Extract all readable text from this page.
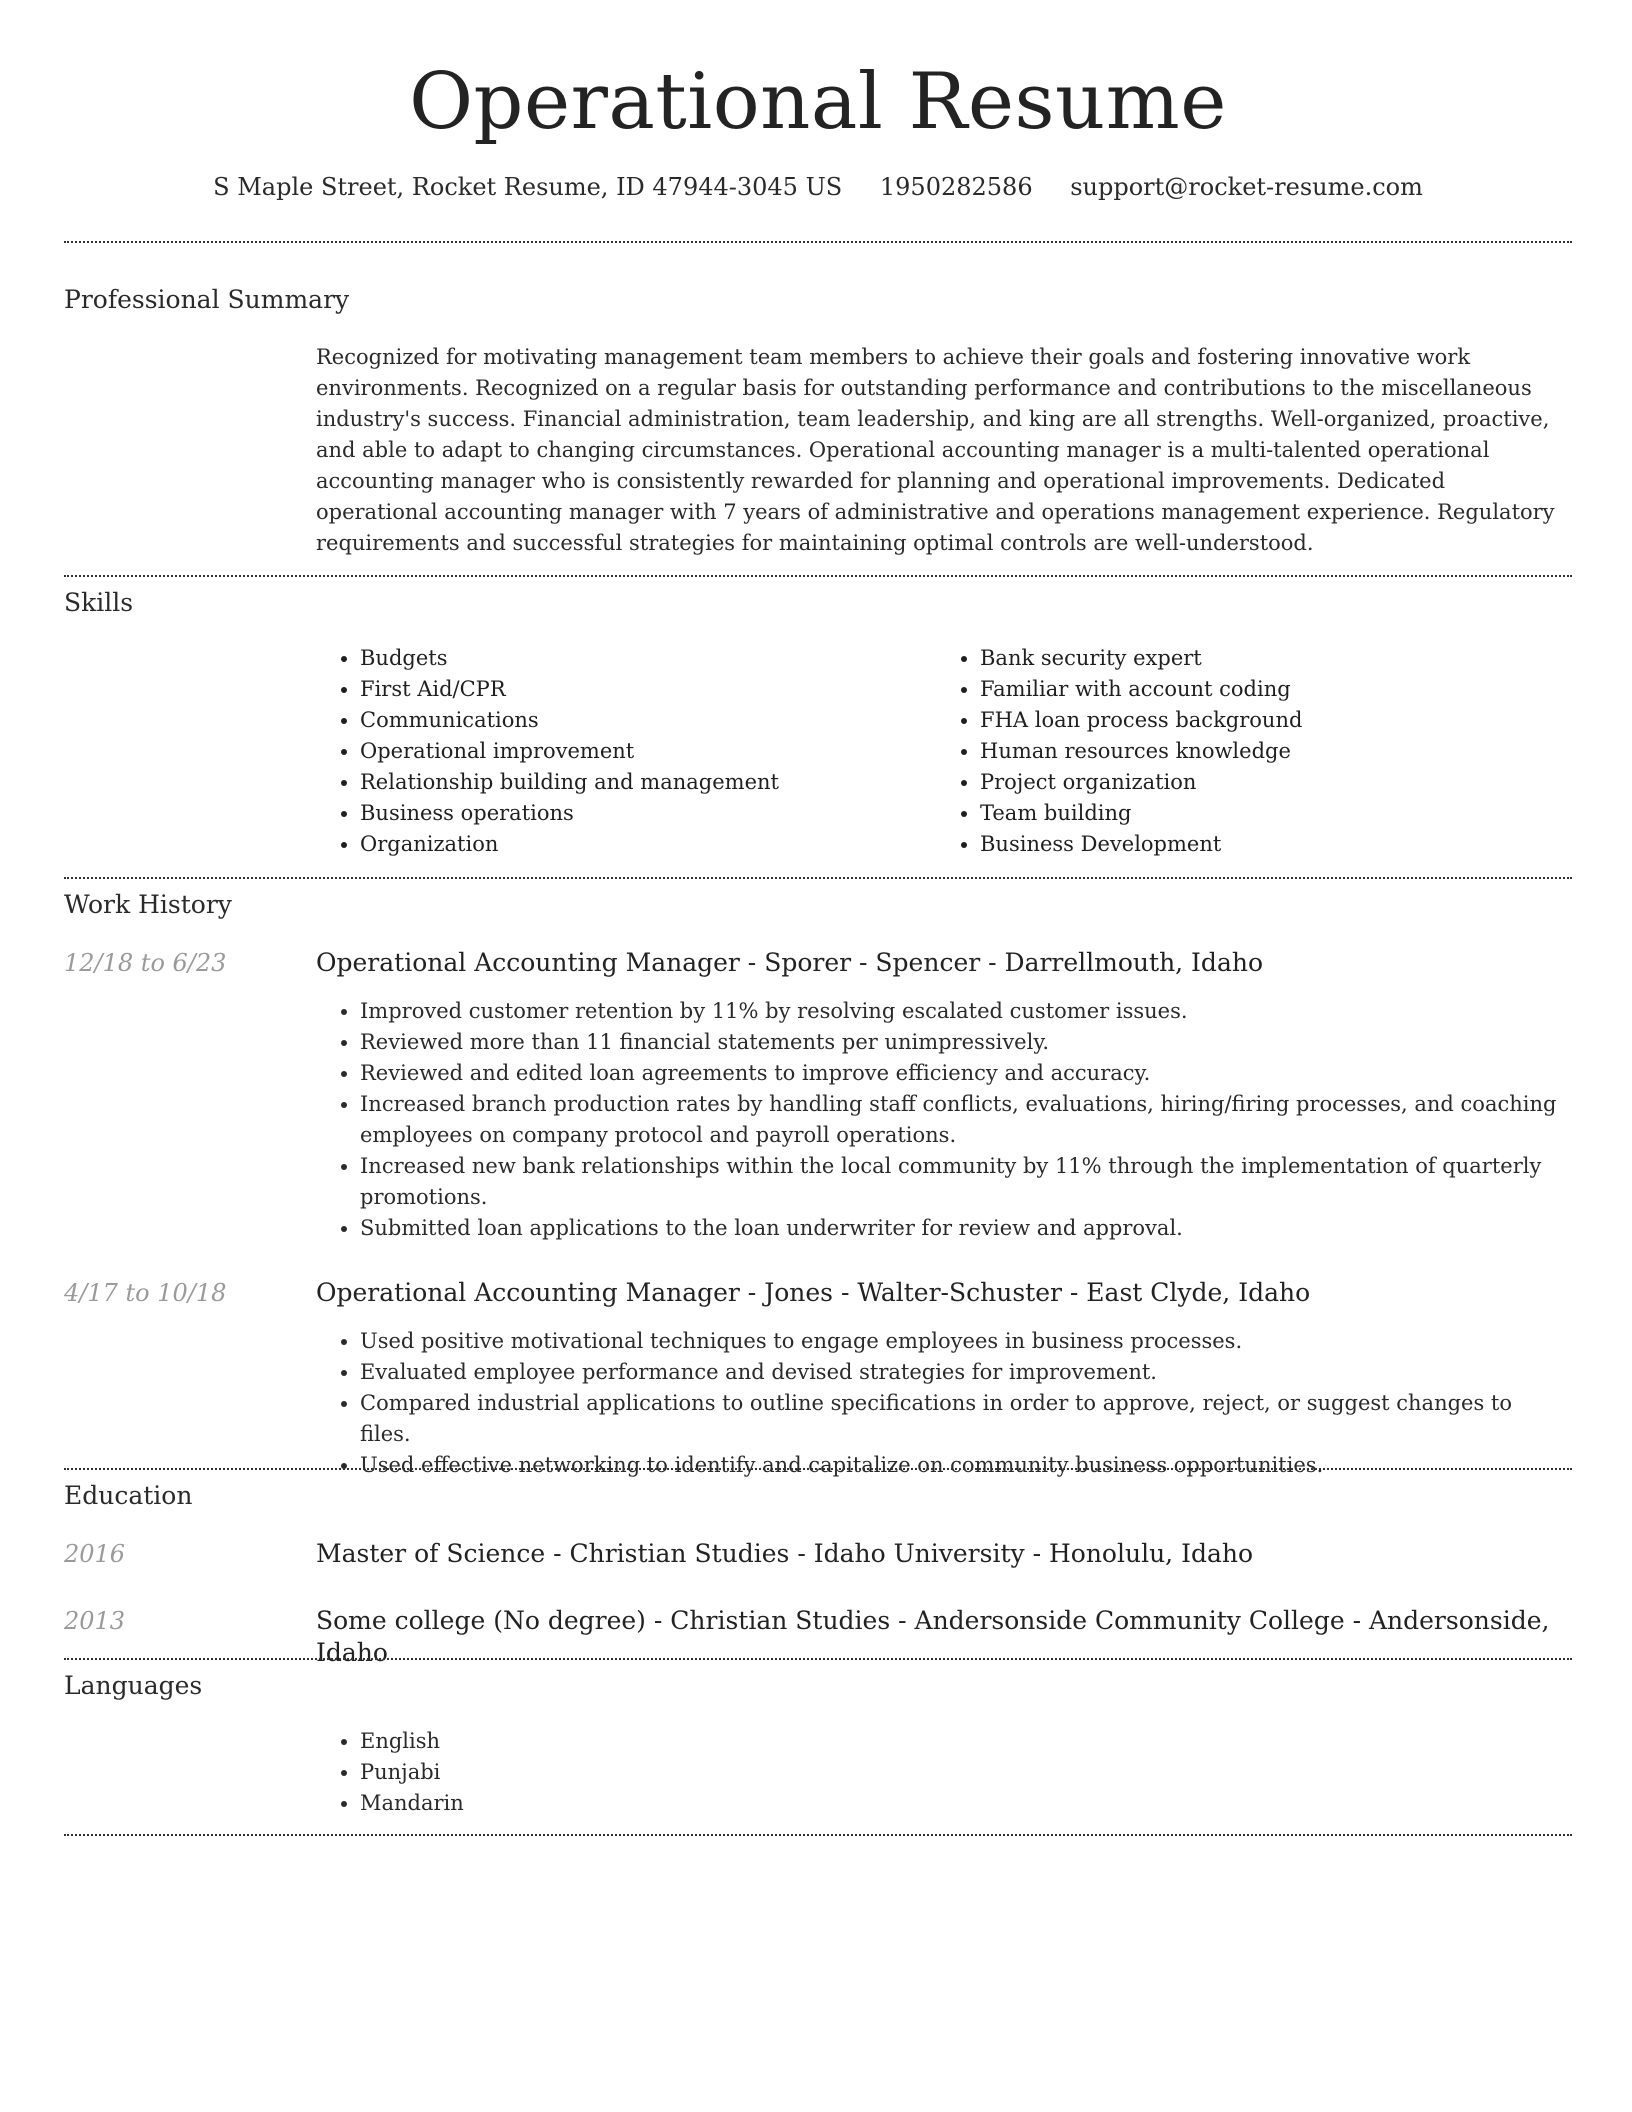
Operational Resume
S Maple Street, Rocket Resume, ID 47944-3045 US 1950282586 support@rocket-resume.com
Professional Summary
Recognized for motivating management team members to achieve their goals and fostering innovative work environments. Recognized on a regular basis for outstanding performance and contributions to the miscellaneous industry's success. Financial administration, team leadership, and king are all strengths. Well-organized, proactive, and able to adapt to changing circumstances. Operational accounting manager is a multi-talented operational accounting manager who is consistently rewarded for planning and operational improvements. Dedicated operational accounting manager with 7 years of administrative and operations management experience. Regulatory requirements and successful strategies for maintaining optimal controls are well-understood.
Skills
• Budgets
• First Aid/CPR
• Communications
• Operational improvement
• Relationship building and management
• Business operations
• Organization
• Bank security expert
• Familiar with account coding
• FHA loan process background
• Human resources knowledge
• Project organization
• Team building
• Business Development
Work History
12/18 to 6/23	Operational Accounting Manager - Sporer - Spencer - Darrellmouth, Idaho
• Improved customer retention by 11% by resolving escalated customer issues.
• Reviewed more than 11 financial statements per unimpressively.
• Reviewed and edited loan agreements to improve efficiency and accuracy.
• Increased branch production rates by handling staff conflicts, evaluations, hiring/firing processes, and coaching employees on company protocol and payroll operations.
• Increased new bank relationships within the local community by 11% through the implementation of quarterly promotions.
• Submitted loan applications to the loan underwriter for review and approval.
4/17 to 10/18	Operational Accounting Manager - Jones - Walter-Schuster - East Clyde, Idaho
• Used positive motivational techniques to engage employees in business processes.
• Evaluated employee performance and devised strategies for improvement.
• Compared industrial applications to outline specifications in order to approve, reject, or suggest changes to files.
• Used effective networking to identify and capitalize on community business opportunities.
Education
2016	Master of Science - Christian Studies - Idaho University - Honolulu, Idaho
2013	Some college (No degree) - Christian Studies - Andersonside Community College - Andersonside, Idaho
Languages
• English
• Punjabi
• Mandarin
